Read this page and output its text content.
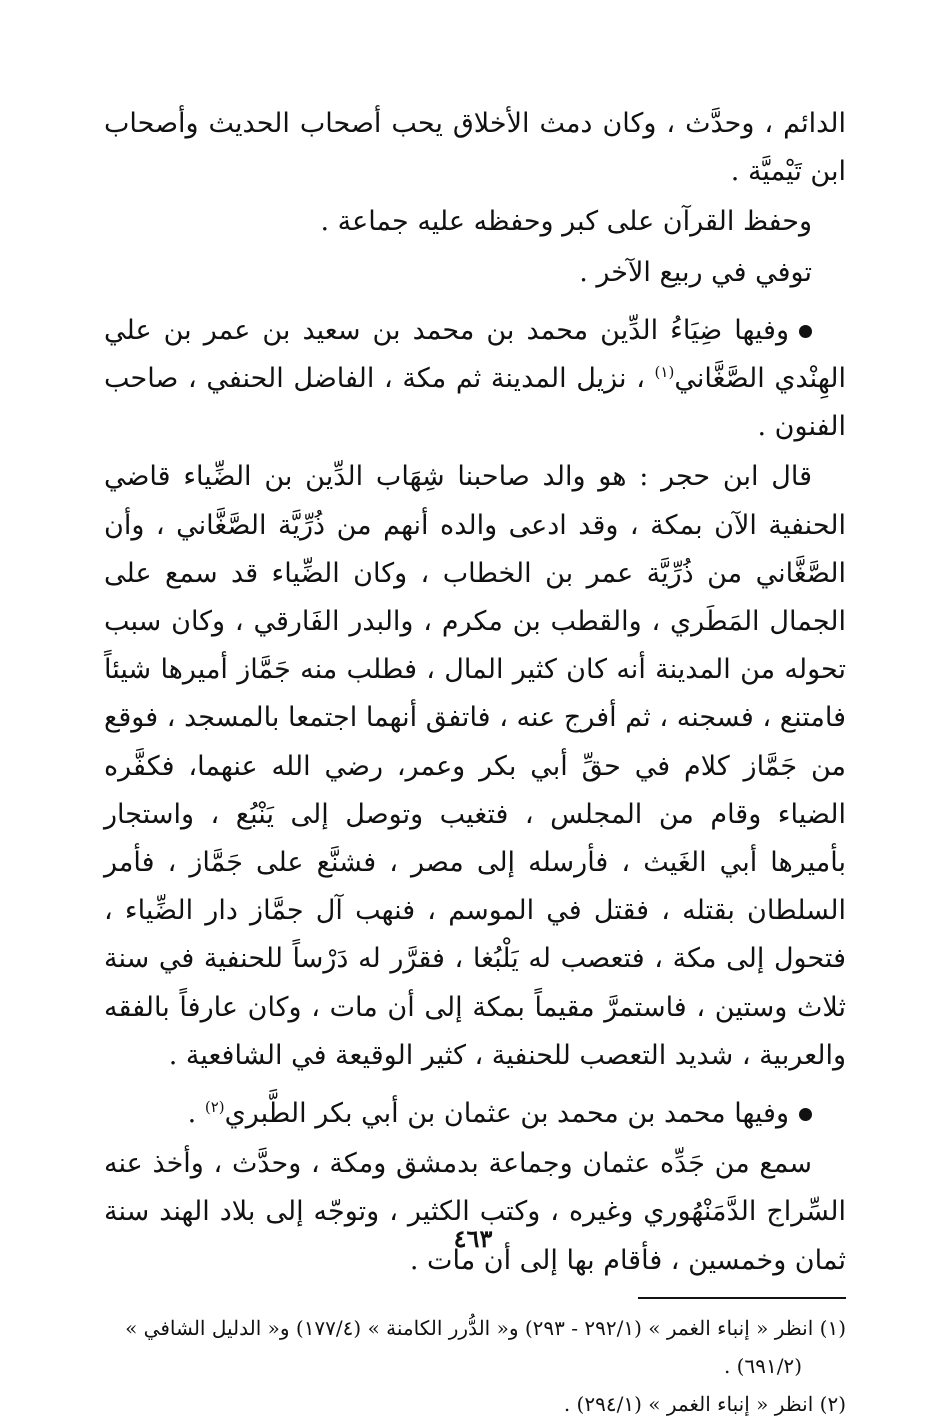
الدائم ، وحدَّث ، وكان دمث الأخلاق يحب أصحاب الحديث وأصحاب ابن تَيْميَّة .

وحفظ القرآن على كبر وحفظه عليه جماعة .

توفي في ربيع الآخر .

وفيها ضِيَاءُ الدِّين محمد بن محمد بن سعيد بن عمر بن علي الهِنْدي الصَّغَّاني$^{(١)}$ ، نزيل المدينة ثم مكة ، الفاضل الحنفي ، صاحب الفنون .

قال ابن حجر : هو والد صاحبنا شِهَاب الدِّين بن الضِّياء قاضي الحنفية الآن بمكة ، وقد ادعى والده أنهم من ذُرِّيَّة الصَّغَّاني ، وأن الصَّغَّاني من ذُرِّيَّة عمر بن الخطاب ، وكان الضِّياء قد سمع على الجمال المَطَري ، والقطب بن مكرم ، والبدر الفَارقي ، وكان سبب تحوله من المدينة أنه كان كثير المال ، فطلب منه جَمَّاز أميرها شيئاً فامتنع ، فسجنه ، ثم أفرج عنه ، فاتفق أنهما اجتمعا بالمسجد ، فوقع من جَمَّاز كلام في حقِّ أبي بكر وعمر، رضي الله عنهما، فكفَّره الضياء وقام من المجلس ، فتغيب وتوصل إلى يَنْبُع ، واستجار بأميرها أبي الغَيث ، فأرسله إلى مصر ، فشنَّع على جَمَّاز ، فأمر السلطان بقتله ، فقتل في الموسم ، فنهب آل جمَّاز دار الضِّياء ، فتحول إلى مكة ، فتعصب له يَلْبُغا ، فقرَّر له دَرْساً للحنفية في سنة ثلاث وستين ، فاستمرَّ مقيماً بمكة إلى أن مات ، وكان عارفاً بالفقه والعربية ، شديد التعصب للحنفية ، كثير الوقيعة في الشافعية .

وفيها محمد بن محمد بن عثمان بن أبي بكر الطَّبري$^{(٢)}$ .

سمع من جَدِّه عثمان وجماعة بدمشق ومكة ، وحدَّث ، وأخذ عنه السِّراج الدَّمَنْهُوري وغيره ، وكتب الكثير ، وتوجّه إلى بلاد الهند سنة ثمان وخمسين ، فأقام بها إلى أن مات .

(١) انظر « إنباء الغمر » (٢٩٢/١ - ٢٩٣) و« الدُّرر الكامنة » (١٧٧/٤) و« الدليل الشافي »

(٦٩١/٢) .

(٢) انظر « إنباء الغمر » (٢٩٤/١) .

٤٦٣
